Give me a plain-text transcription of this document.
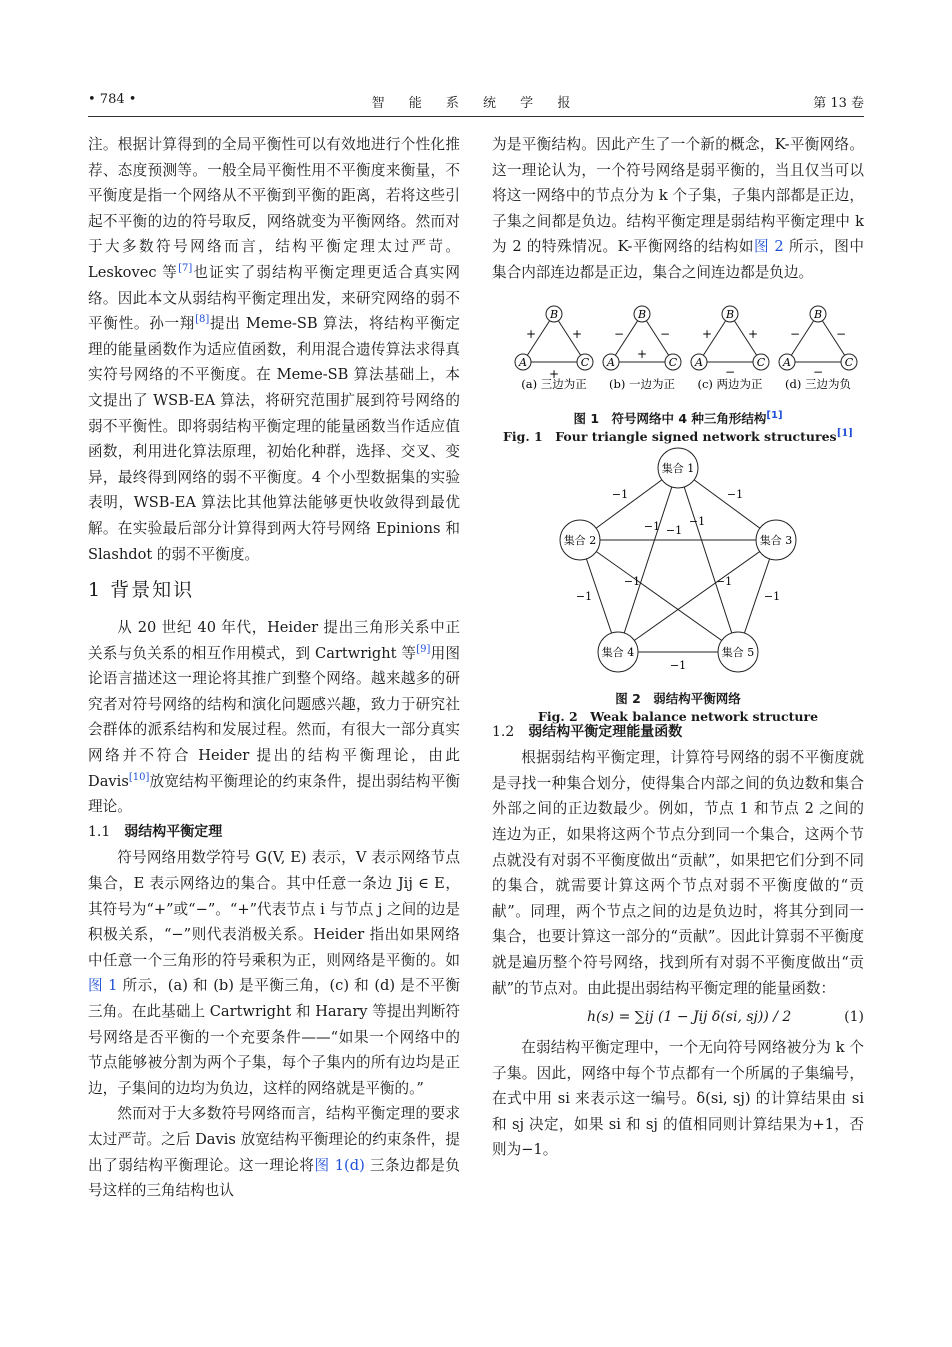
• 784 •	智 能 系 统 学 报	第 13 卷

注。根据计算得到的全局平衡性可以有效地进行个性化推荐、态度预测等。一般全局平衡性用不平衡度来衡量，不平衡度是指一个网络从不平衡到平衡的距离，若将这些引起不平衡的边的符号取反，网络就变为平衡网络。然而对于大多数符号网络而言，结构平衡定理太过严苛。Leskovec 等[7]也证实了弱结构平衡定理更适合真实网络。因此本文从弱结构平衡定理出发，来研究网络的弱不平衡性。孙一翔[8]提出 Meme-SB 算法，将结构平衡定理的能量函数作为适应值函数，利用混合遗传算法求得真实符号网络的不平衡度。在 Meme-SB 算法基础上，本文提出了 WSB-EA 算法，将研究范围扩展到符号网络的弱不平衡性。即将弱结构平衡定理的能量函数当作适应值函数，利用进化算法原理，初始化种群，选择、交叉、变异，最终得到网络的弱不平衡度。4 个小型数据集的实验表明，WSB-EA 算法比其他算法能够更快收敛得到最优解。在实验最后部分计算得到两大符号网络 Epinions 和 Slashdot 的弱不平衡度。

1 背景知识

从 20 世纪 40 年代，Heider 提出三角形关系中正关系与负关系的相互作用模式，到 Cartwright 等[9]用图论语言描述这一理论将其推广到整个网络。越来越多的研究者对符号网络的结构和演化问题感兴趣，致力于研究社会群体的派系结构和发展过程。然而，有很大一部分真实网络并不符合 Heider 提出的结构平衡理论，由此 Davis[10]放宽结构平衡理论的约束条件，提出弱结构平衡理论。

1.1 弱结构平衡定理

符号网络用数学符号 G(V, E) 表示，V 表示网络节点集合，E 表示网络边的集合。其中任意一条边 Jij ∈ E，其符号为“+”或“−”。“+”代表节点 i 与节点 j 之间的边是积极关系，“−”则代表消极关系。Heider 指出如果网络中任意一个三角形的符号乘积为正，则网络是平衡的。如图 1 所示，(a) 和 (b) 是平衡三角，(c) 和 (d) 是不平衡三角。在此基础上 Cartwright 和 Harary 等提出判断符号网络是否平衡的一个充要条件——“如果一个网络中的节点能够被分割为两个子集，每个子集内的所有边均是正边，子集间的边均为负边，这样的网络就是平衡的。”

然而对于大多数符号网络而言，结构平衡定理的要求太过严苛。之后 Davis 放宽结构平衡理论的约束条件，提出了弱结构平衡理论。这一理论将图 1(d) 三条边都是负号这样的三角结构也认

为是平衡结构。因此产生了一个新的概念，K-平衡网络。这一理论认为，一个符号网络是弱平衡的，当且仅当可以将这一网络中的节点分为 k 个子集，子集内部都是正边，子集之间都是负边。结构平衡定理是弱结构平衡定理中 k 为 2 的特殊情况。K-平衡网络的结构如图 2 所示，图中集合内部连边都是正边，集合之间连边都是负边。

B
A	C
+	+
+
B
A	C
−	−
+
B
A	C
+	+
−
B
A	C
−	−
−
(a) 三边为正 (b) 一边为正 (c) 两边为正 (d) 三边为负
图 1　符号网络中 4 种三角形结构[1]
Fig. 1　Four triangle signed network structures[1]
集合 1
集合 2	集合 3
集合 4	集合 5
−1	−1
−1 −1
−1
−1	−1
−1	−1
−1
图 2　弱结构平衡网络
Fig. 2　Weak balance network structure
1.2 弱结构平衡定理能量函数

根据弱结构平衡定理，计算符号网络的弱不平衡度就是寻找一种集合划分，使得集合内部之间的负边数和集合外部之间的正边数最少。例如，节点 1 和节点 2 之间的连边为正，如果将这两个节点分到同一个集合，这两个节点就没有对弱不平衡度做出“贡献”，如果把它们分到不同的集合，就需要计算这两个节点对弱不平衡度做的“贡献”。同理，两个节点之间的边是负边时，将其分到同一集合，也要计算这一部分的“贡献”。因此计算弱不平衡度就是遍历整个符号网络，找到所有对弱不平衡度做出“贡献”的节点对。由此提出弱结构平衡定理的能量函数：

h(s) = ∑ij (1 − Jij δ(si, sj)) / 2	(1)

在弱结构平衡定理中，一个无向符号网络被分为 k 个子集。因此，网络中每个节点都有一个所属的子集编号，在式中用 si 来表示这一编号。δ(si, sj) 的计算结果由 si 和 sj 决定，如果 si 和 sj 的值相同则计算结果为+1，否则为−1。
